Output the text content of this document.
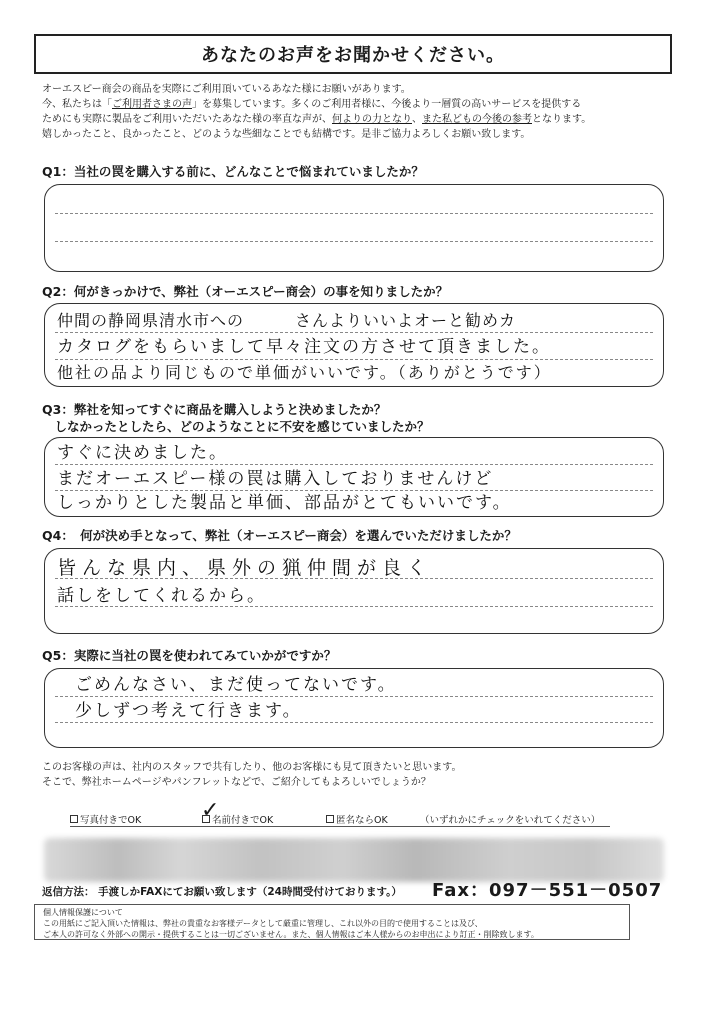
あなたのお声をお聞かせください。
オーエスピー商会の商品を実際にご利用頂いているあなた様にお願いがあります。
今、私たちは「ご利用者さまの声」を募集しています。多くのご利用者様に、今後より一層質の高いサービスを提供する
ためにも実際に製品をご利用いただいたあなた様の率直な声が、何よりの力となり、また私どもの今後の参考となります。
嬉しかったこと、良かったこと、どのような些細なことでも結構です。是非ご協力よろしくお願い致します。
Q1：当社の罠を購入する前に、どんなことで悩まれていましたか？
Q2：何がきっかけで、弊社（オーエスピー商会）の事を知りましたか？
仲間の静岡県清水市への　　　さんよりいいよオーと勧めカ
カタログをもらいまして早々注文の方させて頂きました。
他社の品より同じもので単価がいいです。（ありがとうです）
Q3：弊社を知ってすぐに商品を購入しようと決めましたか？
　しなかったとしたら、どのようなことに不安を感じていましたか？
すぐに決めました。
まだオーエスピー様の罠は購入しておりませんけど
しっかりとした製品と単価、部品がとてもいいです。
Q4：　何が決め手となって、弊社（オーエスピー商会）を選んでいただけましたか？
皆んな県内、県外の猟仲間が良く
話しをしてくれるから。
Q5：実際に当社の罠を使われてみていかがですか？
ごめんなさい、まだ使ってないです。
少しずつ考えて行きます。
このお客様の声は、社内のスタッフで共有したり、他のお客様にも見て頂きたいと思います。
そこで、弊社ホームページやパンフレットなどで、ご紹介してもよろしいでしょうか？
写真付きでOK	✓
名前付きでOK	匿名ならOK	（いずれかにチェックをいれてください）
返信方法： 手渡しかFAXにてお願い致します（24時間受付けております。） Fax：097－551－0507
個人情報保護について
この用紙にご記入頂いた情報は、弊社の貴重なお客様データとして厳重に管理し、これ以外の目的で使用することは及び、
ご本人の許可なく外部への開示・提供することは一切ございません。また、個人情報はご本人様からのお申出により訂正・削除致します。
